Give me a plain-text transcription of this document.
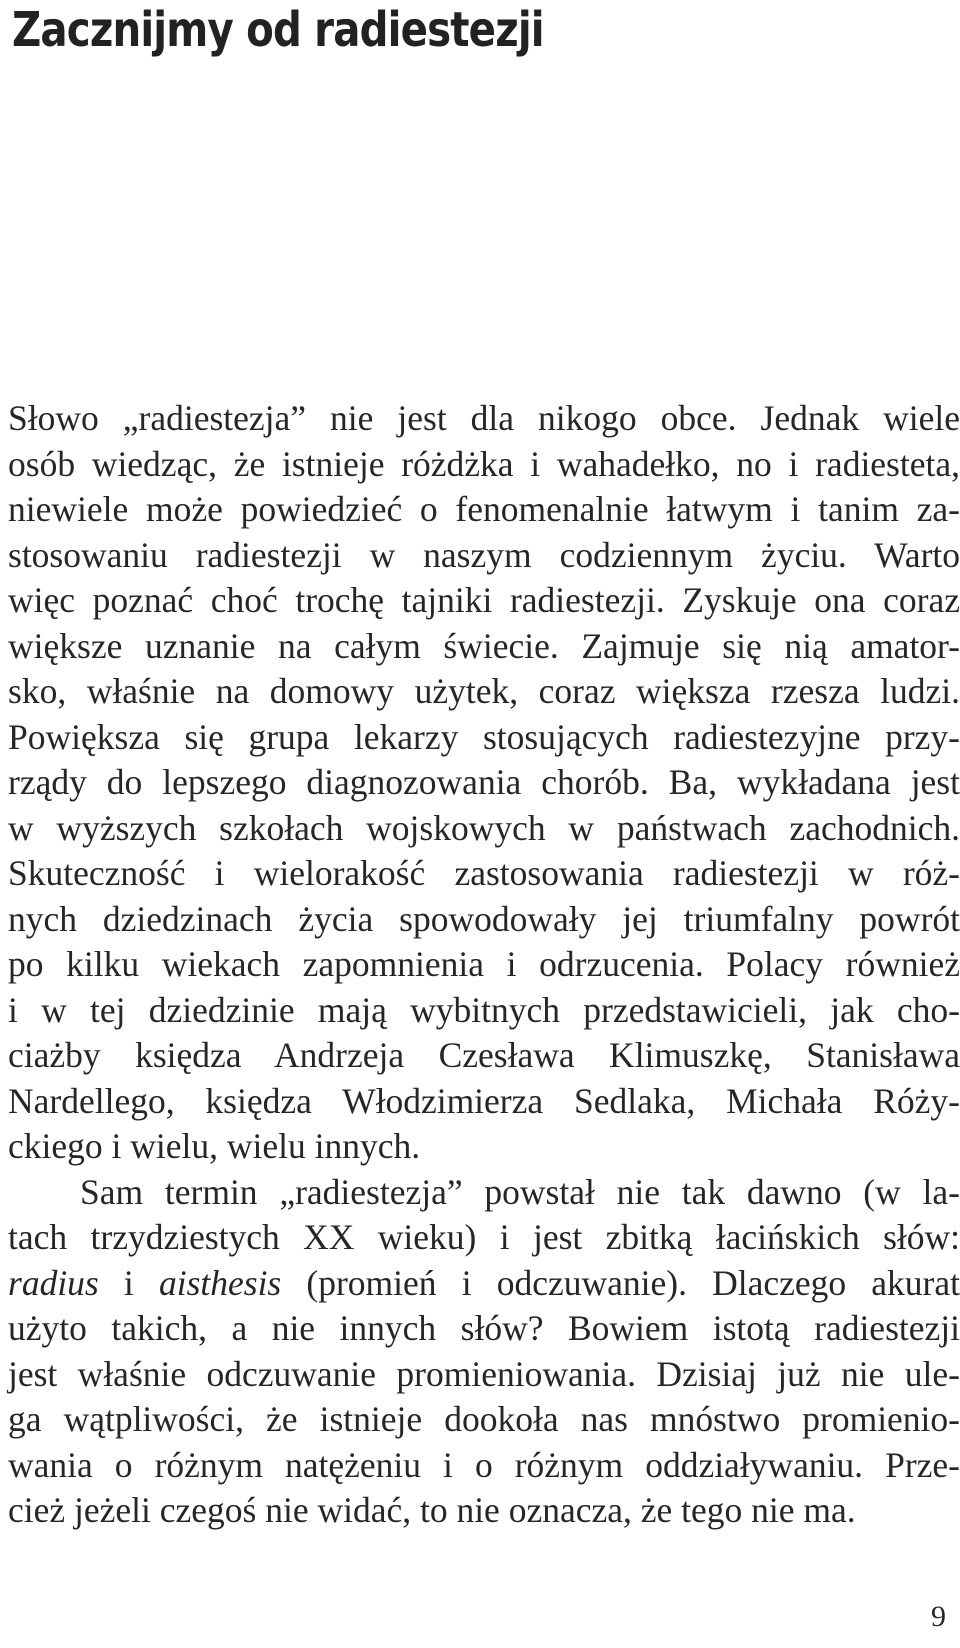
Zacznijmy od radiestezji
Słowo „radiestezja” nie jest dla nikogo obce. Jednak wiele
osób wiedząc, że istnieje różdżka i wahadełko, no i radiesteta,
niewiele może powiedzieć o fenomenalnie łatwym i tanim za-
stosowaniu radiestezji w naszym codziennym życiu. Warto
więc poznać choć trochę tajniki radiestezji. Zyskuje ona coraz
większe uznanie na całym świecie. Zajmuje się nią amator-
sko, właśnie na domowy użytek, coraz większa rzesza ludzi.
Powiększa się grupa lekarzy stosujących radiestezyjne przy-
rządy do lepszego diagnozowania chorób. Ba, wykładana jest
w wyższych szkołach wojskowych w państwach zachodnich.
Skuteczność i wielorakość zastosowania radiestezji w róż-
nych dziedzinach życia spowodowały jej triumfalny powrót
po kilku wiekach zapomnienia i odrzucenia. Polacy również
i w tej dziedzinie mają wybitnych przedstawicieli, jak cho-
ciażby księdza Andrzeja Czesława Klimuszkę, Stanisława
Nardellego, księdza Włodzimierza Sedlaka, Michała Róży-
ckiego i wielu, wielu innych.
Sam termin „radiestezja” powstał nie tak dawno (w la-
tach trzydziestych XX wieku) i jest zbitką łacińskich słów:
radius i aisthesis (promień i odczuwanie). Dlaczego akurat
użyto takich, a nie innych słów? Bowiem istotą radiestezji
jest właśnie odczuwanie promieniowania. Dzisiaj już nie ule-
ga wątpliwości, że istnieje dookoła nas mnóstwo promienio-
wania o różnym natężeniu i o różnym oddziaływaniu. Prze-
cież jeżeli czegoś nie widać, to nie oznacza, że tego nie ma.
9
